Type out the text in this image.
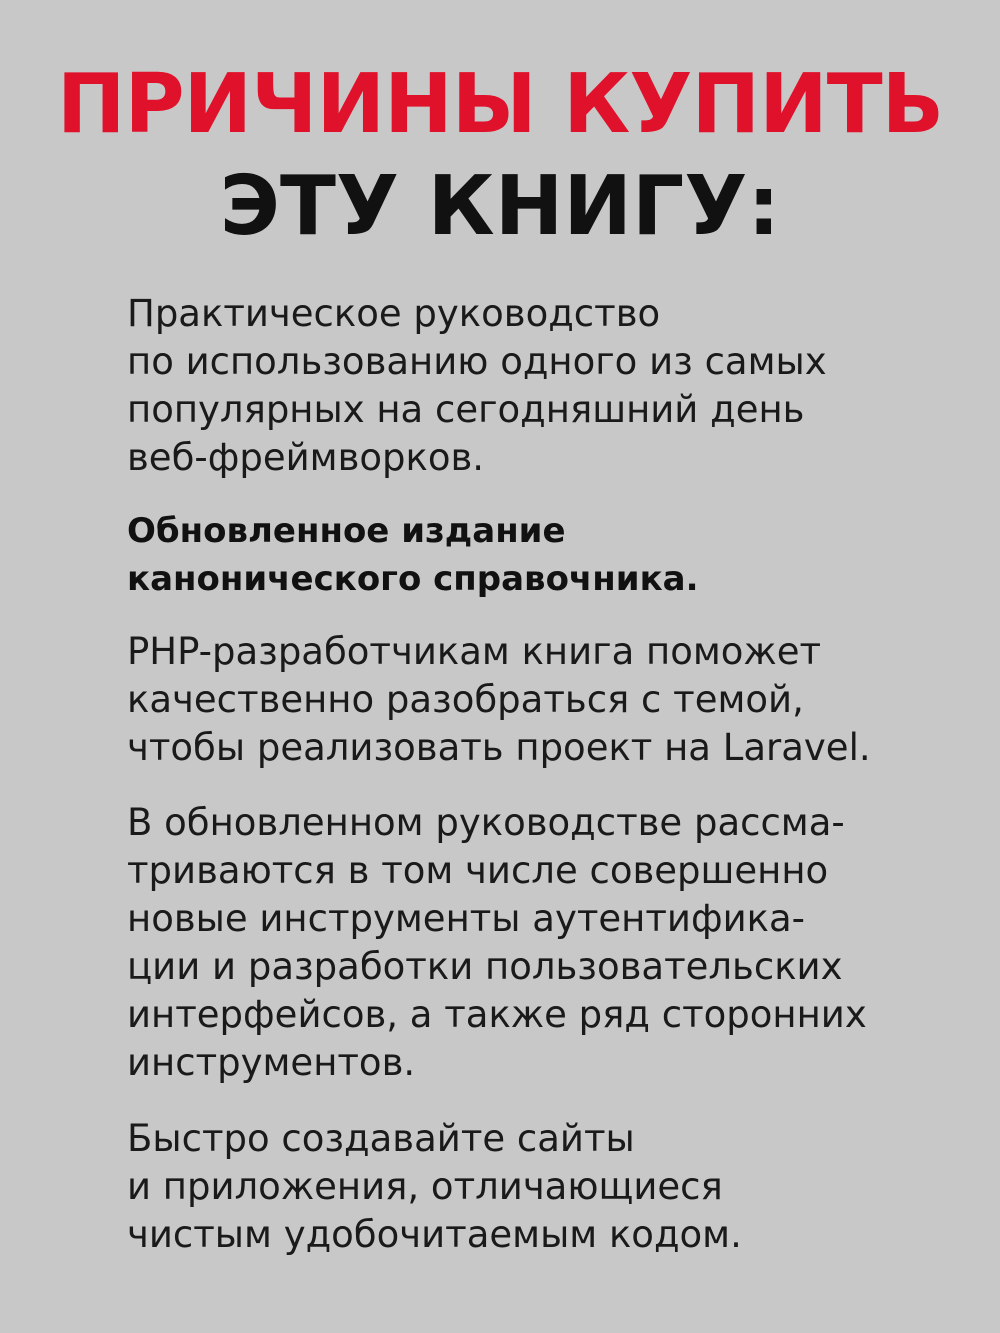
ПРИЧИНЫ КУПИТЬ
ЭТУ КНИГУ:

Практическое руководство
по использованию одного из самых
популярных на сегодняшний день
веб-фреймворков.

Обновленное издание
канонического справочника.

PHP-разработчикам книга поможет
качественно разобраться с темой,
чтобы реализовать проект на Laravel.

В обновленном руководстве рассма-
триваются в том числе совершенно
новые инструменты аутентифика-
ции и разработки пользовательских
интерфейсов, а также ряд сторонних
инструментов.

Быстро создавайте сайты
и приложения, отличающиеся
чистым удобочитаемым кодом.
